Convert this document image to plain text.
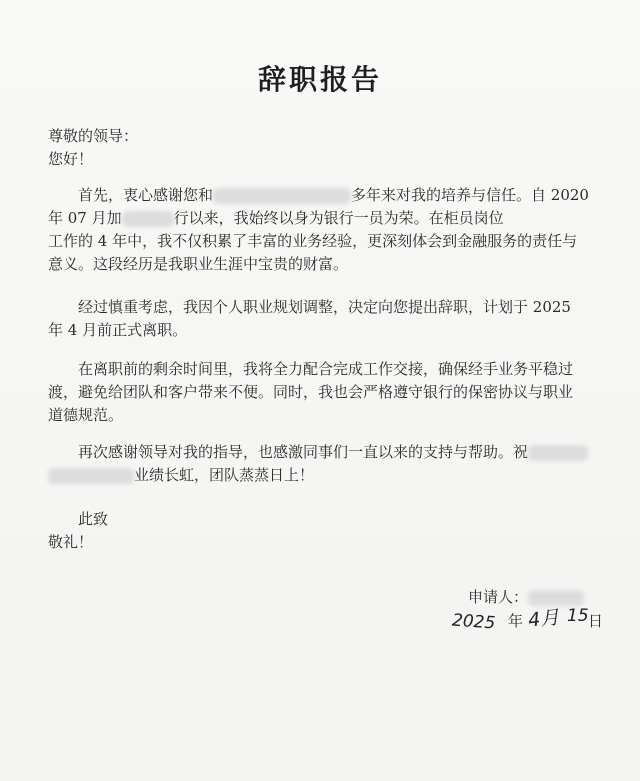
辞职报告
尊敬的领导：
您好！
首先，衷心感谢您和	多年来对我的培养与信任。自 2020
年 07 月加	行以来，我始终以身为银行一员为荣。在柜员岗位
工作的 4 年中，我不仅积累了丰富的业务经验，更深刻体会到金融服务的责任与
意义。这段经历是我职业生涯中宝贵的财富。
经过慎重考虑，我因个人职业规划调整，决定向您提出辞职，计划于 2025
年 4 月前正式离职。
在离职前的剩余时间里，我将全力配合完成工作交接，确保经手业务平稳过
渡，避免给团队和客户带来不便。同时，我也会严格遵守银行的保密协议与职业
道德规范。
再次感谢领导对我的指导，也感激同事们一直以来的支持与帮助。祝
业绩长虹，团队蒸蒸日上！
此致
敬礼！
申请人：
2025 年 4月 15 日
